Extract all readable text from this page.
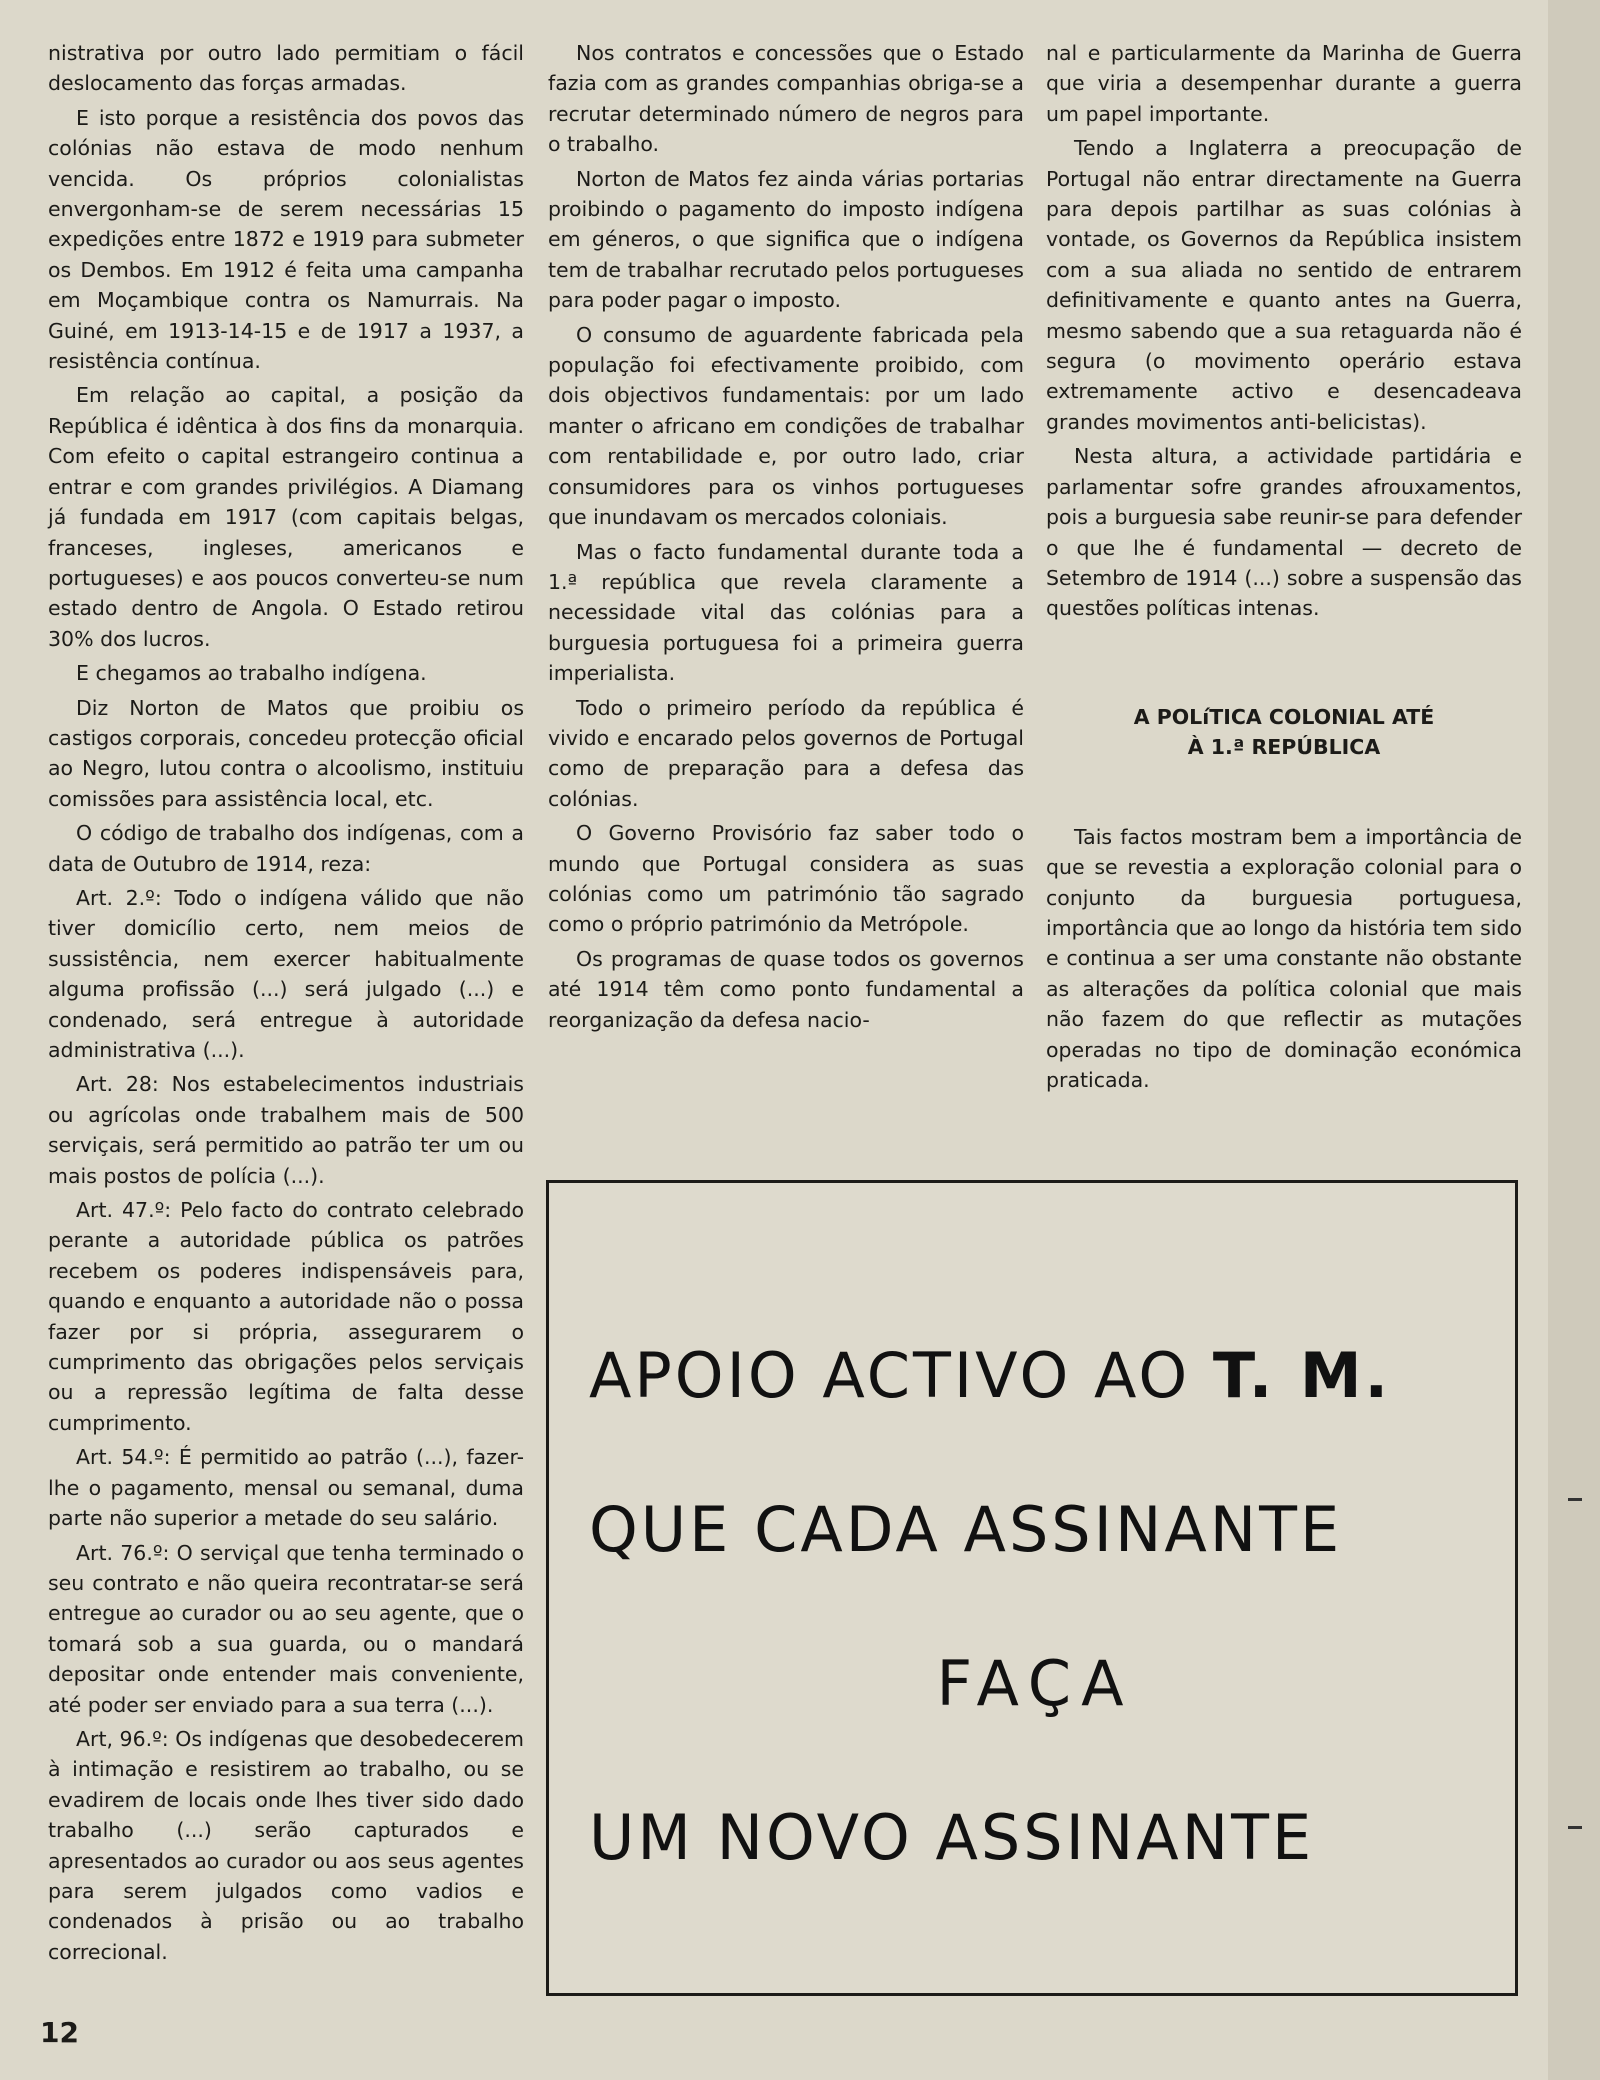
nistrativa por outro lado permitiam o fácil deslocamento das forças armadas.

E isto porque a resistência dos povos das colónias não estava de modo nenhum vencida. Os próprios colonialistas envergonham-se de serem necessárias 15 expedições entre 1872 e 1919 para submeter os Dembos. Em 1912 é feita uma campanha em Moçambique contra os Namurrais. Na Guiné, em 1913-14-15 e de 1917 a 1937, a resistência contínua.

Em relação ao capital, a posição da República é idêntica à dos fins da monarquia. Com efeito o capital estrangeiro continua a entrar e com grandes privilégios. A Diamang já fundada em 1917 (com capitais belgas, franceses, ingleses, americanos e portugueses) e aos poucos converteu-se num estado dentro de Angola. O Estado retirou 30% dos lucros.

E chegamos ao trabalho indígena.

Diz Norton de Matos que proibiu os castigos corporais, concedeu protecção oficial ao Negro, lutou contra o alcoolismo, instituiu comissões para assistência local, etc.

O código de trabalho dos indígenas, com a data de Outubro de 1914, reza:

Art. 2.º: Todo o indígena válido que não tiver domicílio certo, nem meios de sussistência, nem exercer habitualmente alguma profissão (...) será julgado (...) e condenado, será entregue à autoridade administrativa (...).

Art. 28: Nos estabelecimentos industriais ou agrícolas onde trabalhem mais de 500 serviçais, será permitido ao patrão ter um ou mais postos de polícia (...).

Art. 47.º: Pelo facto do contrato celebrado perante a autoridade pública os patrões recebem os poderes indispensáveis para, quando e enquanto a autoridade não o possa fazer por si própria, assegurarem o cumprimento das obrigações pelos serviçais ou a repressão legítima de falta desse cumprimento.

Art. 54.º: É permitido ao patrão (...), fazer-lhe o pagamento, mensal ou semanal, duma parte não superior a metade do seu salário.

Art. 76.º: O serviçal que tenha terminado o seu contrato e não queira recontratar-se será entregue ao curador ou ao seu agente, que o tomará sob a sua guarda, ou o mandará depositar onde entender mais conveniente, até poder ser enviado para a sua terra (...).

Art, 96.º: Os indígenas que desobedecerem à intimação e resistirem ao trabalho, ou se evadirem de locais onde lhes tiver sido dado trabalho (...) serão capturados e apresentados ao curador ou aos seus agentes para serem julgados como vadios e condenados à prisão ou ao trabalho correcional.

Nos contratos e concessões que o Estado fazia com as grandes companhias obriga-se a recrutar determinado número de negros para o trabalho.

Norton de Matos fez ainda várias portarias proibindo o pagamento do imposto indígena em géneros, o que significa que o indígena tem de trabalhar recrutado pelos portugueses para poder pagar o imposto.

O consumo de aguardente fabricada pela população foi efectivamente proibido, com dois objectivos fundamentais: por um lado manter o africano em condições de trabalhar com rentabilidade e, por outro lado, criar consumidores para os vinhos portugueses que inundavam os mercados coloniais.

Mas o facto fundamental durante toda a 1.ª república que revela claramente a necessidade vital das colónias para a burguesia portuguesa foi a primeira guerra imperialista.

Todo o primeiro período da república é vivido e encarado pelos governos de Portugal como de preparação para a defesa das colónias.

O Governo Provisório faz saber todo o mundo que Portugal considera as suas colónias como um património tão sagrado como o próprio património da Metrópole.

Os programas de quase todos os governos até 1914 têm como ponto fundamental a reorganização da defesa nacio-

nal e particularmente da Marinha de Guerra que viria a desempenhar durante a guerra um papel importante.

Tendo a Inglaterra a preocupação de Portugal não entrar directamente na Guerra para depois partilhar as suas colónias à vontade, os Governos da República insistem com a sua aliada no sentido de entrarem definitivamente e quanto antes na Guerra, mesmo sabendo que a sua retaguarda não é segura (o movimento operário estava extremamente activo e desencadeava grandes movimentos anti-belicistas).

Nesta altura, a actividade partidária e parlamentar sofre grandes afrouxamentos, pois a burguesia sabe reunir-se para defender o que lhe é fundamental — decreto de Setembro de 1914 (...) sobre a suspensão das questões políticas intenas.

A POLíTICA COLONIAL ATÉ
À 1.ª REPÚBLICA

Tais factos mostram bem a importância de que se revestia a exploração colonial para o conjunto da burguesia portuguesa, importância que ao longo da história tem sido e continua a ser uma constante não obstante as alterações da política colonial que mais não fazem do que reflectir as mutações operadas no tipo de dominação económica praticada.

APOIO ACTIVO AO T. M.
QUE CADA ASSINANTE
FAÇA
UM NOVO ASSINANTE
12
